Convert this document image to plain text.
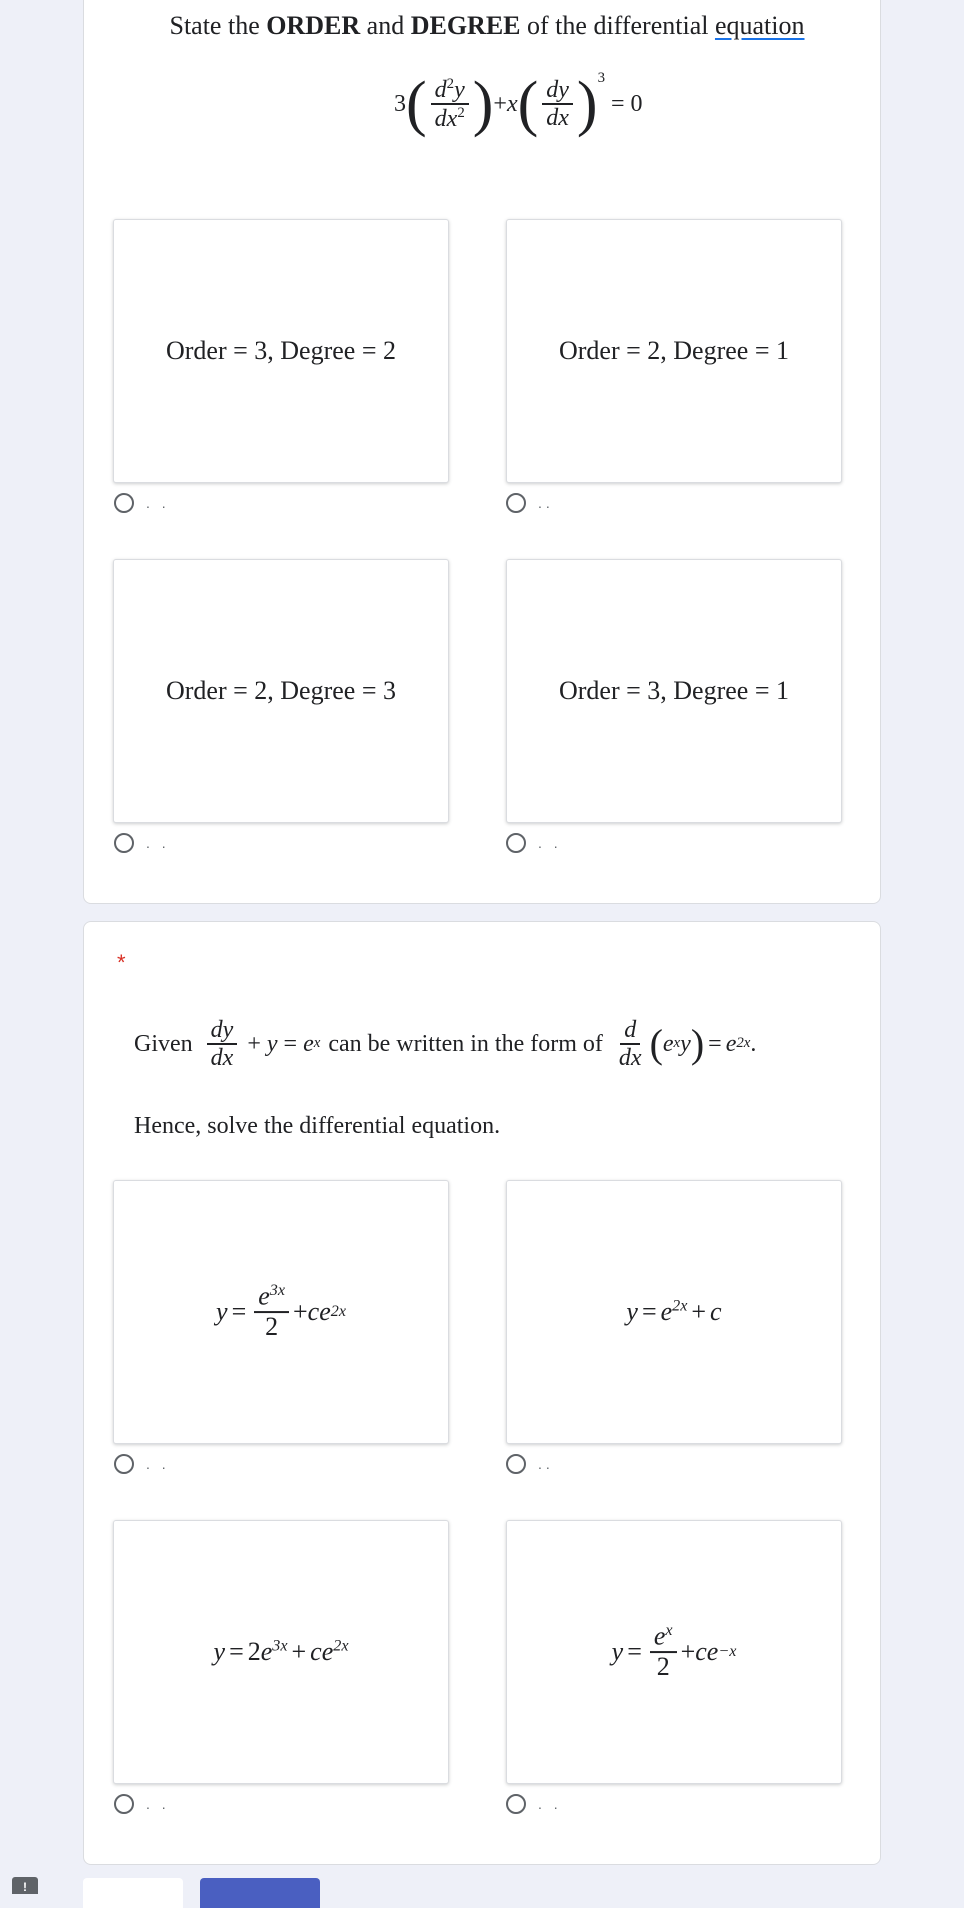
State the ORDER and DEGREE of the differential equation
3 ( $\frac{d^2y}{dx^2}$ ) + x ( $\frac{dy}{dx} )^3$
= 0
Order = 3, Degree = 2
. .
Order = 2, Degree = 1
..
Order = 2, Degree = 3
. .
Order = 3, Degree = 1
. .
*
Given $\frac{dy}{dx} + y = e$ x can be written in the form of $\frac{d}{dx}$ ( e x y ) = e 2x .
Hence, solve the differential equation.
$y = \frac{e^{3x}}{2}$ + ce 2x
. .
$y = e^{2x} + c$
..
$y = 2e^{3x} + ce^{2x}$
. .
$y = \frac{e^x}{2}$ + ce −x
. .
!
